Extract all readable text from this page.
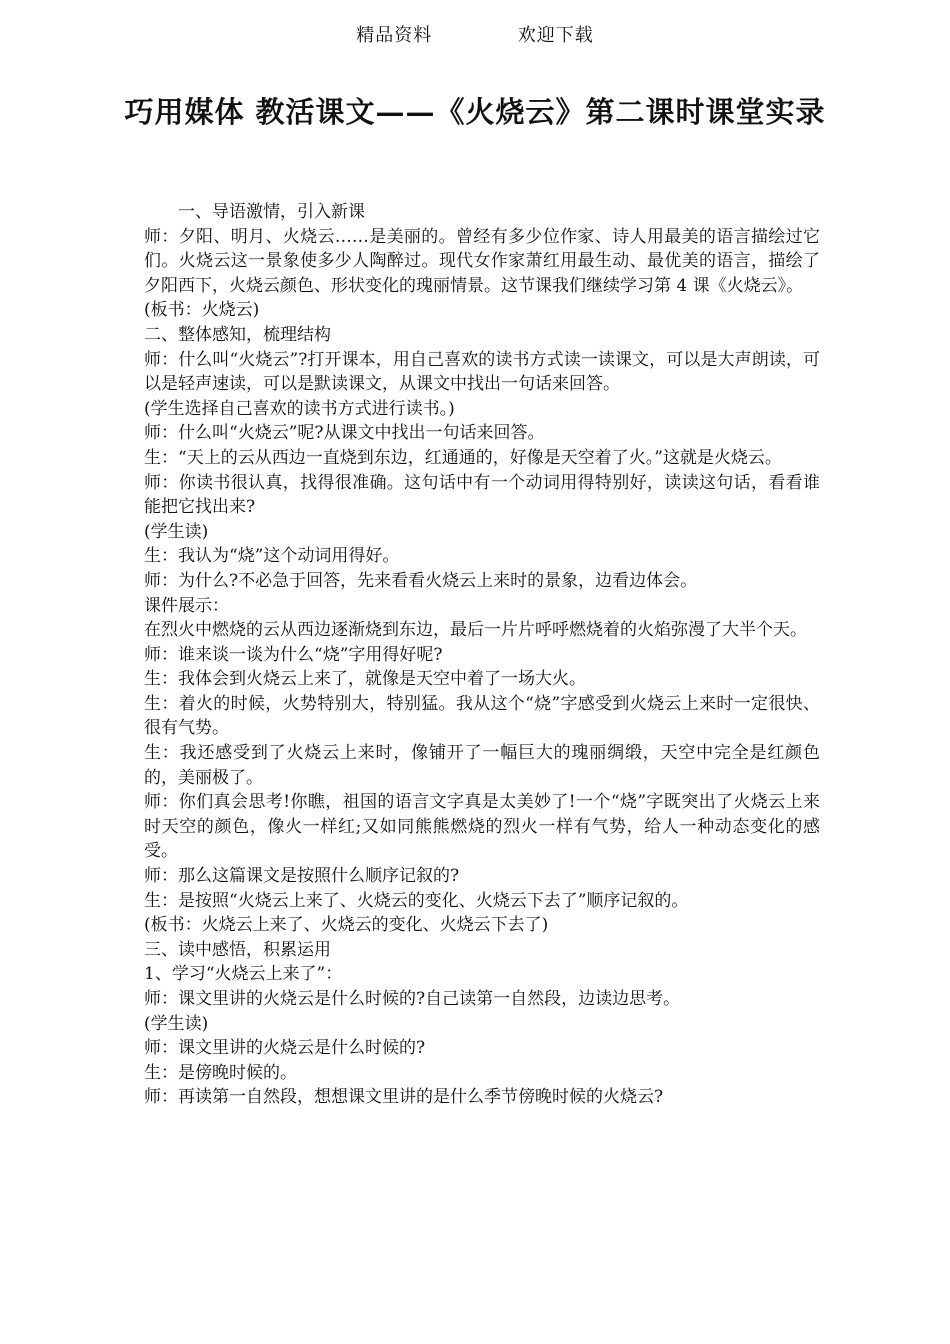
精品资料	欢迎下载
巧用媒体 教活课文——《火烧云》第二课时课堂实录

一、导语激情，引入新课

师：夕阳、明月、火烧云……是美丽的。曾经有多少位作家、诗人用最美的语言描绘过它们。火烧云这一景象使多少人陶醉过。现代女作家萧红用最生动、最优美的语言，描绘了夕阳西下，火烧云颜色、形状变化的瑰丽情景。这节课我们继续学习第 4 课《火烧云》。

(板书：火烧云)

二、整体感知，梳理结构

师：什么叫“火烧云”?打开课本，用自己喜欢的读书方式读一读课文，可以是大声朗读，可以是轻声速读，可以是默读课文，从课文中找出一句话来回答。

(学生选择自己喜欢的读书方式进行读书。)

师：什么叫“火烧云”呢?从课文中找出一句话来回答。

生：“天上的云从西边一直烧到东边，红通通的，好像是天空着了火。”这就是火烧云。

师：你读书很认真，找得很准确。这句话中有一个动词用得特别好，读读这句话，看看谁能把它找出来?

(学生读)

生：我认为“烧”这个动词用得好。

师：为什么?不必急于回答，先来看看火烧云上来时的景象，边看边体会。

课件展示：

在烈火中燃烧的云从西边逐渐烧到东边，最后一片片呼呼燃烧着的火焰弥漫了大半个天。

师：谁来谈一谈为什么“烧”字用得好呢?

生：我体会到火烧云上来了，就像是天空中着了一场大火。

生：着火的时候，火势特别大，特别猛。我从这个“烧”字感受到火烧云上来时一定很快、很有气势。

生：我还感受到了火烧云上来时，像铺开了一幅巨大的瑰丽绸缎，天空中完全是红颜色的，美丽极了。

师：你们真会思考!你瞧，祖国的语言文字真是太美妙了!一个“烧”字既突出了火烧云上来时天空的颜色，像火一样红;又如同熊熊燃烧的烈火一样有气势，给人一种动态变化的感受。

师：那么这篇课文是按照什么顺序记叙的?

生：是按照“火烧云上来了、火烧云的变化、火烧云下去了”顺序记叙的。

(板书：火烧云上来了、火烧云的变化、火烧云下去了)

三、读中感悟，积累运用

1、学习“火烧云上来了”：

师：课文里讲的火烧云是什么时候的?自己读第一自然段，边读边思考。

(学生读)

师：课文里讲的火烧云是什么时候的?

生：是傍晚时候的。

师：再读第一自然段，想想课文里讲的是什么季节傍晚时候的火烧云?
